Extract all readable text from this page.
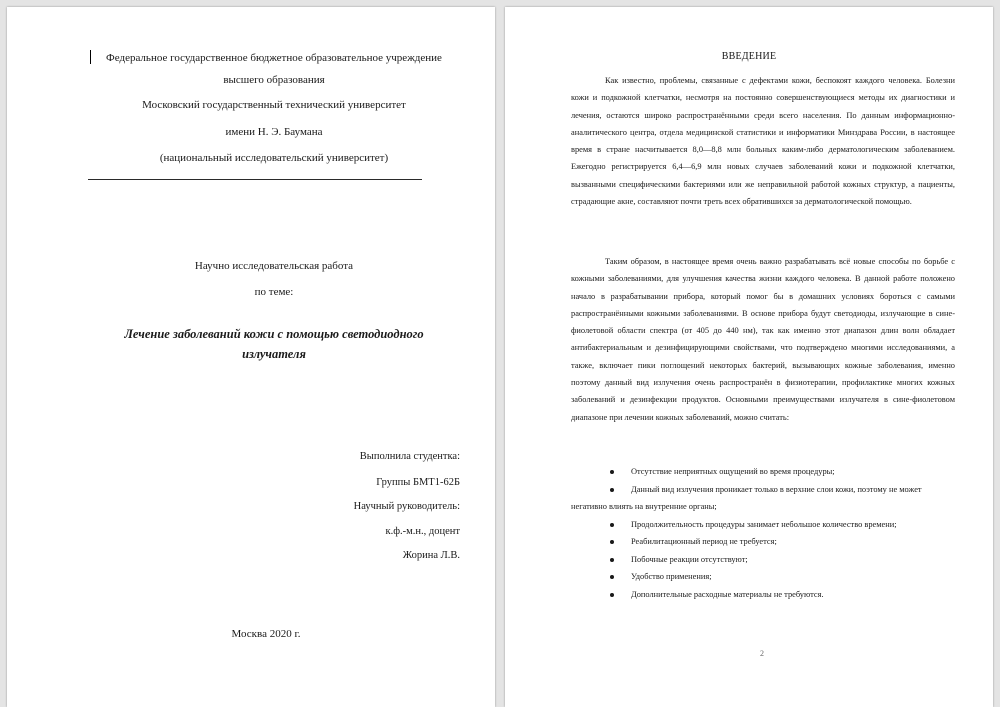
Федеральное государственное бюджетное образовательное учреждение

высшего образования

Московский государственный технический университет

имени Н. Э. Баумана

(национальный исследовательский университет)

Научно исследовательская работа

по теме:

Лечение заболеваний кожи с помощью светодиодного излучателя

Выполнила студентка:

Группы БМТ1-62Б

Научный руководитель:

к.ф.-м.н., доцент

Жорина Л.В.

Москва 2020 г.

ВВЕДЕНИЕ

Как известно, проблемы, связанные с дефектами кожи, беспокоят каждого человека. Болезни кожи и подкожной клетчатки, несмотря на постоянно совершенствующиеся методы их диагностики и лечения, остаются широко распространёнными среди всего населения. По данным информационно-аналитического центра, отдела медицинской статистики и информатики Минздрава России, в настоящее время в стране насчитывается 8,0—8,8 млн больных каким-либо дерматологическим заболеванием. Ежегодно регистрируется 6,4—6,9 млн новых случаев заболеваний кожи и подкожной клетчатки, вызванными специфическими бактериями или же неправильной работой кожных структур, а пациенты, страдающие акне, составляют почти треть всех обратившихся за дерматологической помощью.

Таким образом, в настоящее время очень важно разрабатывать всё новые способы по борьбе с кожными заболеваниями, для улучшения качества жизни каждого человека. В данной работе положено начало в разрабатывании прибора, который помог бы в домашних условиях бороться с самыми распространёнными кожными заболеваниями. В основе прибора будут светодиоды, излучающие в сине-фиолетовой области спектра (от 405 до 440 нм), так как именно этот диапазон длин волн обладает антибактериальным и дезинфицирующими свойствами, что подтверждено многими исследованиями, а также, включает пики поглощений некоторых бактерий, вызывающих кожные заболевания, именно поэтому данный вид излучения очень распространён в физиотерапии, профилактике многих кожных заболеваний и дезинфекции продуктов. Основными преимуществами излучателя в сине-фиолетовом диапазоне при лечении кожных заболеваний, можно считать:

Отсутствие неприятных ощущений во время процедуры;
Данный вид излучения проникает только в верхние слои кожи, поэтому не может негативно влиять на внутренние органы;
Продолжительность процедуры занимает небольшое количество времени;
Реабилитационный период не требуется;
Побочные реакции отсутствуют;
Удобство применения;
Дополнительные расходные материалы не требуются.
2
